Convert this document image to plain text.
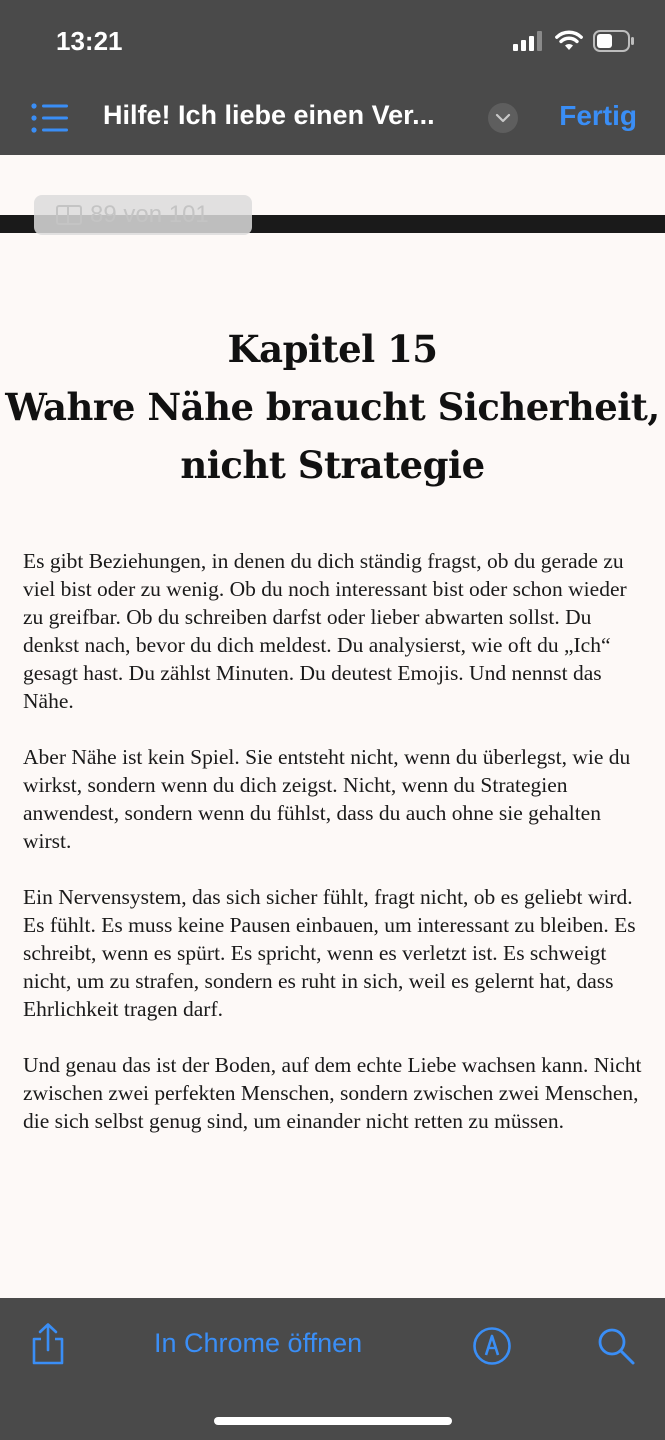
13:21
Hilfe! Ich liebe einen Ver...	Fertig
89 von 101
Kapitel 15
Wahre Nähe braucht Sicherheit,
nicht Strategie

Es gibt Beziehungen, in denen du dich ständig fragst, ob du gerade zu viel bist oder zu wenig. Ob du noch interessant bist oder schon wieder zu greifbar. Ob du schreiben darfst oder lieber abwarten sollst. Du denkst nach, bevor du dich meldest. Du analysierst, wie oft du „Ich“ gesagt hast. Du zählst Minuten. Du deutest Emojis. Und nennst das Nähe.

Aber Nähe ist kein Spiel. Sie entsteht nicht, wenn du überlegst, wie du wirkst, sondern wenn du dich zeigst. Nicht, wenn du Strategien anwendest, sondern wenn du fühlst, dass du auch ohne sie gehalten wirst.

Ein Nervensystem, das sich sicher fühlt, fragt nicht, ob es geliebt wird. Es fühlt. Es muss keine Pausen einbauen, um interessant zu bleiben. Es schreibt, wenn es spürt. Es spricht, wenn es verletzt ist. Es schweigt nicht, um zu strafen, sondern es ruht in sich, weil es gelernt hat, dass Ehrlichkeit tragen darf.

Und genau das ist der Boden, auf dem echte Liebe wachsen kann. Nicht zwischen zwei perfekten Menschen, sondern zwischen zwei Menschen, die sich selbst genug sind, um einander nicht retten zu müssen.

In Chrome öffnen
